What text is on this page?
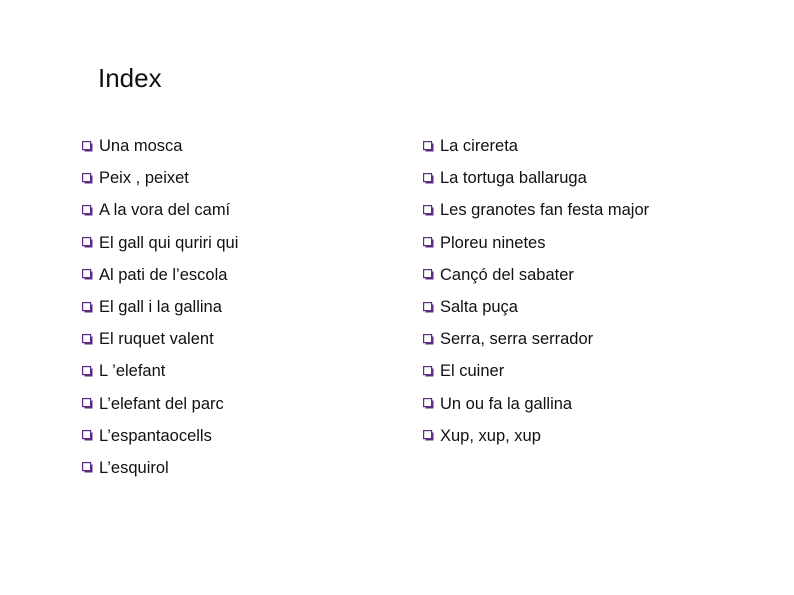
Index
Una mosca
Peix , peixet
A la vora del camí
El gall qui quriri qui
Al pati de l’escola
El gall i la gallina
El ruquet valent
L ’elefant
L’elefant del parc
L’espantaocells
L’esquirol
La cirereta
La tortuga ballaruga
Les granotes fan festa major
Ploreu ninetes
Cançó del sabater
Salta puça
Serra, serra serrador
El cuiner
Un ou fa la gallina
Xup, xup, xup
